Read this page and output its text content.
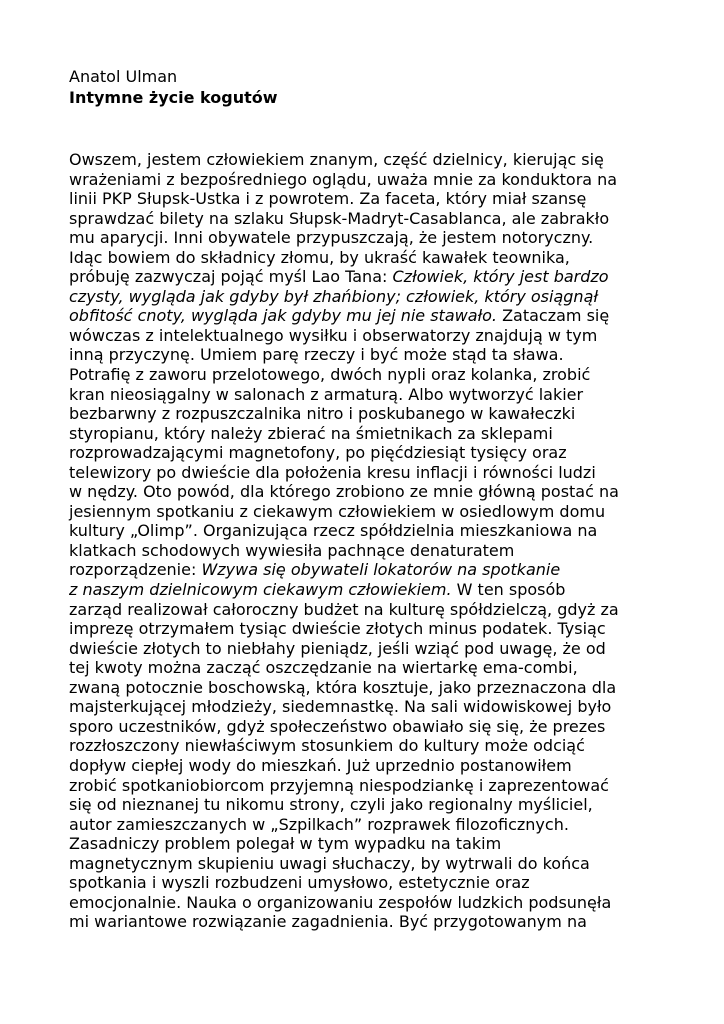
Anatol Ulman
Intymne życie kogutów
Owszem, jestem człowiekiem znanym, część dzielnicy, kierując się
wrażeniami z bezpośredniego oglądu, uważa mnie za konduktora na
linii PKP Słupsk-Ustka i z powrotem. Za faceta, który miał szansę
sprawdzać bilety na szlaku Słupsk-Madryt-Casablanca, ale zabrakło
mu aparycji. Inni obywatele przypuszczają, że jestem notoryczny.
Idąc bowiem do składnicy złomu, by ukraść kawałek teownika,
próbuję zazwyczaj pojąć myśl Lao Tana: Człowiek, który jest bardzo
czysty, wygląda jak gdyby był zhańbiony; człowiek, który osiągnął
obfitość cnoty, wygląda jak gdyby mu jej nie stawało. Zataczam się
wówczas z intelektualnego wysiłku i obserwatorzy znajdują w tym
inną przyczynę. Umiem parę rzeczy i być może stąd ta sława.
Potrafię z zaworu przelotowego, dwóch nypli oraz kolanka, zrobić
kran nieosiągalny w salonach z armaturą. Albo wytworzyć lakier
bezbarwny z rozpuszczalnika nitro i poskubanego w kawałeczki
styropianu, który należy zbierać na śmietnikach za sklepami
rozprowadzającymi magnetofony, po pięćdziesiąt tysięcy oraz
telewizory po dwieście dla położenia kresu inflacji i równości ludzi
w nędzy. Oto powód, dla którego zrobiono ze mnie główną postać na
jesiennym spotkaniu z ciekawym człowiekiem w osiedlowym domu
kultury „Olimp”. Organizująca rzecz spółdzielnia mieszkaniowa na
klatkach schodowych wywiesiła pachnące denaturatem
rozporządzenie: Wzywa się obywateli lokatorów na spotkanie
z naszym dzielnicowym ciekawym człowiekiem. W ten sposób
zarząd realizował całoroczny budżet na kulturę spółdzielczą, gdyż za
imprezę otrzymałem tysiąc dwieście złotych minus podatek. Tysiąc
dwieście złotych to niebłahy pieniądz, jeśli wziąć pod uwagę, że od
tej kwoty można zacząć oszczędzanie na wiertarkę ema-combi,
zwaną potocznie boschowską, która kosztuje, jako przeznaczona dla
majsterkującej młodzieży, siedemnastkę. Na sali widowiskowej było
sporo uczestników, gdyż społeczeństwo obawiało się się, że prezes
rozzłoszczony niewłaściwym stosunkiem do kultury może odciąć
dopływ ciepłej wody do mieszkań. Już uprzednio postanowiłem
zrobić spotkaniobiorcom przyjemną niespodziankę i zaprezentować
się od nieznanej tu nikomu strony, czyli jako regionalny myśliciel,
autor zamieszczanych w „Szpilkach” rozprawek filozoficznych.
Zasadniczy problem polegał w tym wypadku na takim
magnetycznym skupieniu uwagi słuchaczy, by wytrwali do końca
spotkania i wyszli rozbudzeni umysłowo, estetycznie oraz
emocjonalnie. Nauka o organizowaniu zespołów ludzkich podsunęła
mi wariantowe rozwiązanie zagadnienia. Być przygotowanym na
